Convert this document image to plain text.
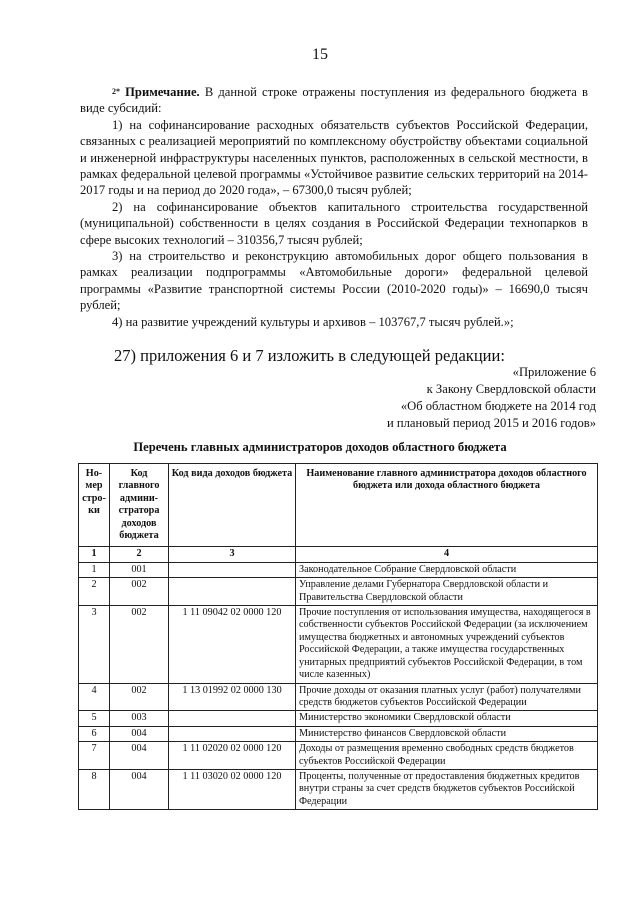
15

$^{2*}$ Примечание. В данной строке отражены поступления из федерального бюджета в виде субсидий:

1) на софинансирование расходных обязательств субъектов Российской Федерации, связанных с реализацией мероприятий по комплексному обустройству объектами социальной и инженерной инфраструктуры населенных пунктов, расположенных в сельской местности, в рамках федеральной целевой программы «Устойчивое развитие сельских территорий на 2014-2017 годы и на период до 2020 года», – 67300,0 тысяч рублей;

2) на софинансирование объектов капитального строительства государственной (муниципальной) собственности в целях создания в Российской Федерации технопарков в сфере высоких технологий – 310356,7 тысяч рублей;

3) на строительство и реконструкцию автомобильных дорог общего пользования в рамках реализации подпрограммы «Автомобильные дороги» федеральной целевой программы «Развитие транспортной системы России (2010-2020 годы)» – 16690,0 тысяч рублей;

4) на развитие учреждений культуры и архивов – 103767,7 тысяч рублей.»;

27) приложения 6 и 7 изложить в следующей редакции:
«Приложение 6
к Закону Свердловской области
«Об областном бюджете на 2014 год
и плановый период 2015 и 2016 годов»
Перечень главных администраторов доходов областного бюджета
Но-мер стро-ки	Код главного админи-стратора доходов бюджета	Код вида доходов бюджета	Наименование главного администратора доходов областного бюджета или дохода областного бюджета
1	2	3	4
1	001		Законодательное Собрание Свердловской области
2	002		Управление делами Губернатора Свердловской области и Правительства Свердловской области
3	002	1 11 09042 02 0000 120	Прочие поступления от использования имущества, находящегося в собственности субъектов Российской Федерации (за исключением имущества бюджетных и автономных учреждений субъектов Российской Федерации, а также имущества государственных унитарных предприятий субъектов Российской Федерации, в том числе казенных)
4	002	1 13 01992 02 0000 130	Прочие доходы от оказания платных услуг (работ) получателями средств бюджетов субъектов Российской Федерации
5	003		Министерство экономики Свердловской области
6	004		Министерство финансов Свердловской области
7	004	1 11 02020 02 0000 120	Доходы от размещения временно свободных средств бюджетов субъектов Российской Федерации
8	004	1 11 03020 02 0000 120	Проценты, полученные от предоставления бюджетных кредитов внутри страны за счет средств бюджетов субъектов Российской Федерации
